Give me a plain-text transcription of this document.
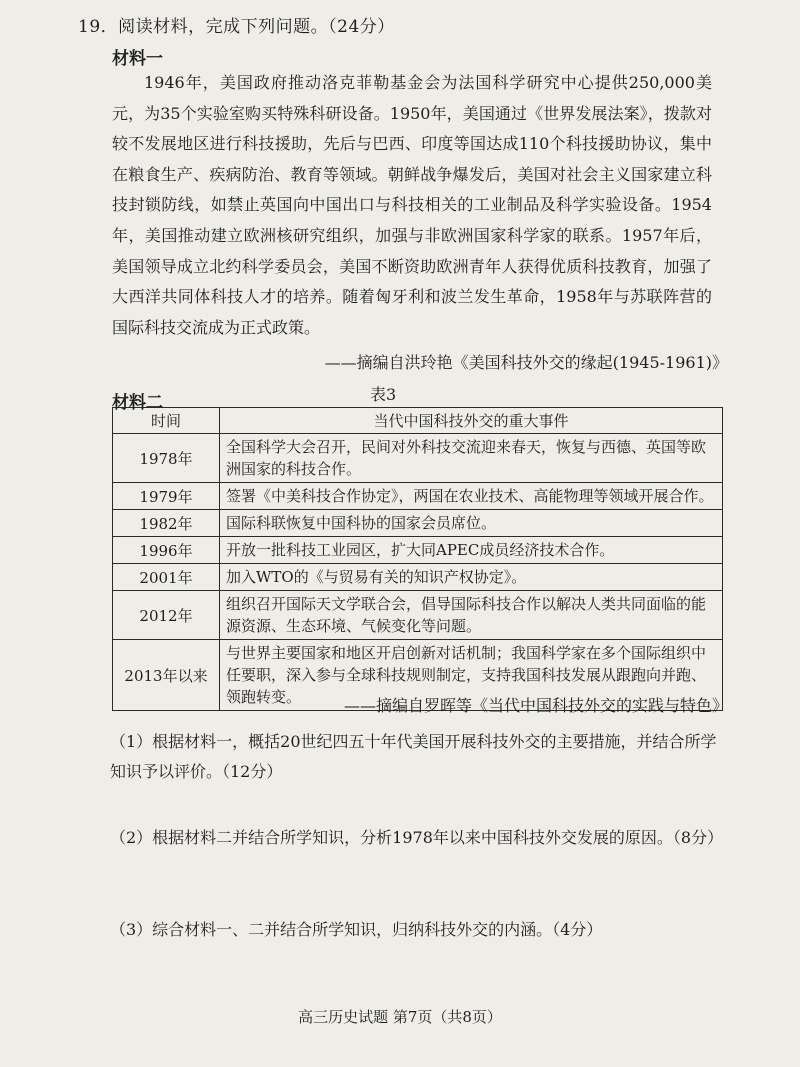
19．阅读材料，完成下列问题。（24分）
材料一
1946年，美国政府推动洛克菲勒基金会为法国科学研究中心提供250,000美元，为35个实验室购买特殊科研设备。1950年，美国通过《世界发展法案》，拨款对较不发展地区进行科技援助，先后与巴西、印度等国达成110个科技援助协议，集中在粮食生产、疾病防治、教育等领域。朝鲜战争爆发后，美国对社会主义国家建立科技封锁防线，如禁止英国向中国出口与科技相关的工业制品及科学实验设备。1954年，美国推动建立欧洲核研究组织，加强与非欧洲国家科学家的联系。1957年后，美国领导成立北约科学委员会，美国不断资助欧洲青年人获得优质科技教育，加强了大西洋共同体科技人才的培养。随着匈牙利和波兰发生革命，1958年与苏联阵营的国际科技交流成为正式政策。
——摘编自洪玲艳《美国科技外交的缘起(1945-1961)》
材料二	表3
时间	当代中国科技外交的重大事件
1978年	全国科学大会召开，民间对外科技交流迎来春天，恢复与西德、英国等欧洲国家的科技合作。
1979年	签署《中美科技合作协定》，两国在农业技术、高能物理等领域开展合作。
1982年	国际科联恢复中国科协的国家会员席位。
1996年	开放一批科技工业园区，扩大同APEC成员经济技术合作。
2001年	加入WTO的《与贸易有关的知识产权协定》。
2012年	组织召开国际天文学联合会，倡导国际科技合作以解决人类共同面临的能源资源、生态环境、气候变化等问题。
2013年以来	与世界主要国家和地区开启创新对话机制；我国科学家在多个国际组织中任要职，深入参与全球科技规则制定，支持我国科技发展从跟跑向并跑、领跑转变。	——摘编自罗晖等《当代中国科技外交的实践与特色》
（1）根据材料一，概括20世纪四五十年代美国开展科技外交的主要措施，并结合所学知识予以评价。（12分）
（2）根据材料二并结合所学知识，分析1978年以来中国科技外交发展的原因。（8分）
（3）综合材料一、二并结合所学知识，归纳科技外交的内涵。（4分）
高三历史试题 第7页（共8页）
